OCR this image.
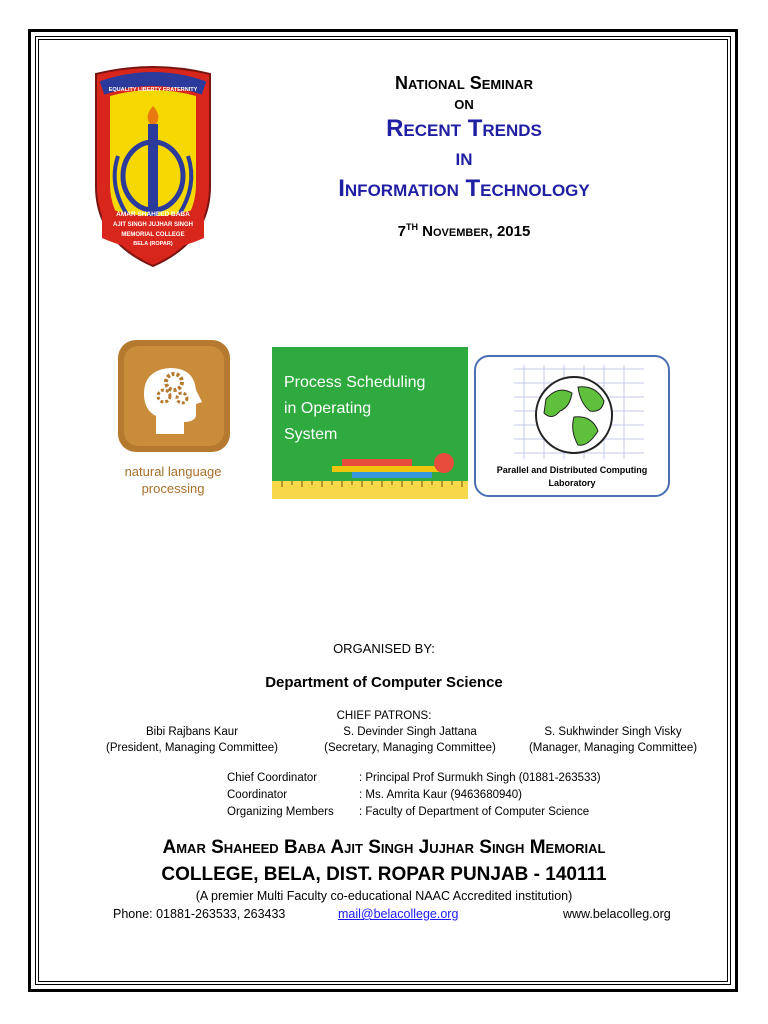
EQUALITY LIBERTY FRATERNITY
AMAR SHAHEED BABA
AJIT SINGH JUJHAR SINGH
MEMORIAL COLLEGE
BELA (ROPAR)
National Seminar
ON
Recent Trends
IN
Information Technology
7TH November, 2015
natural language
processing
Process Scheduling
in Operating
System
Parallel and Distributed Computing
Laboratory
ORGANISED BY:
Department of Computer Science
CHIEF PATRONS:
Bibi Rajbans Kaur
(President, Managing Committee)
S. Devinder Singh Jattana
(Secretary, Managing Committee)
S. Sukhwinder Singh Visky
(Manager, Managing Committee)
Chief Coordinator	: Principal Prof Surmukh Singh (01881-263533)
Coordinator	: Ms. Amrita Kaur (9463680940)
Organizing Members	: Faculty of Department of Computer Science
Amar Shaheed Baba Ajit Singh Jujhar Singh Memorial
COLLEGE, BELA, DIST. ROPAR PUNJAB - 140111
(A premier Multi Faculty co-educational NAAC Accredited institution)
Phone: 01881-263533, 263433	mail@belacollege.org	www.belacolleg.org
